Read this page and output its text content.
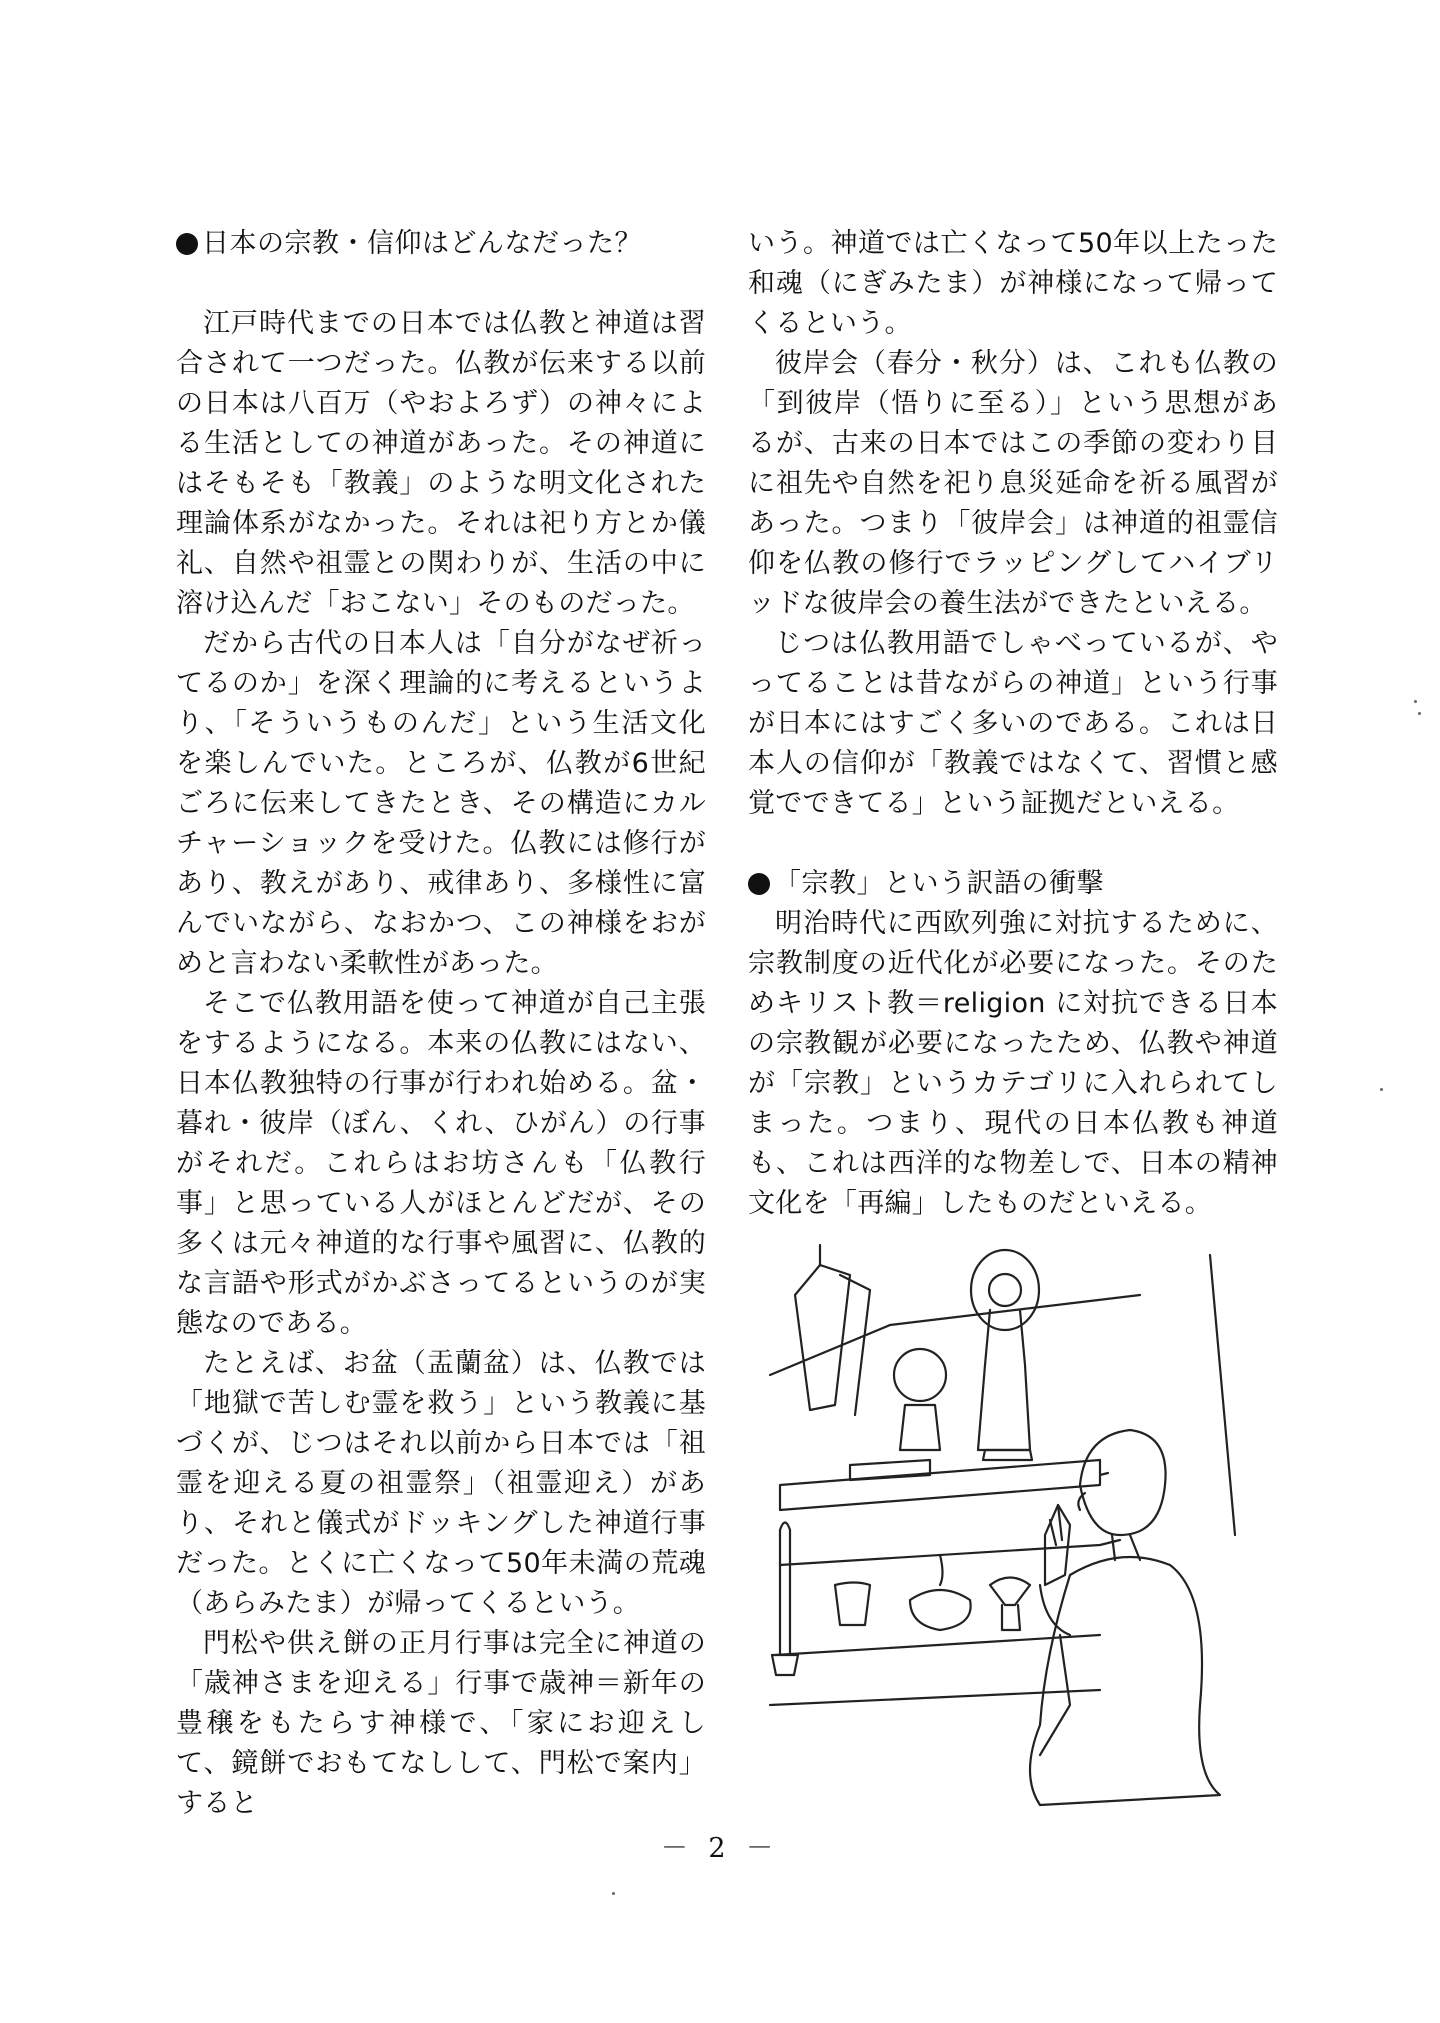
日本の宗教・信仰はどんなだった？

江戸時代までの日本では仏教と神道は習合されて一つだった。仏教が伝来する以前の日本は八百万（やおよろず）の神々による生活としての神道があった。その神道にはそもそも「教義」のような明文化された理論体系がなかった。それは祀り方とか儀礼、自然や祖霊との関わりが、生活の中に溶け込んだ「おこない」そのものだった。

だから古代の日本人は「自分がなぜ祈ってるのか」を深く理論的に考えるというより、「そういうものんだ」という生活文化を楽しんでいた。ところが、仏教が6世紀ごろに伝来してきたとき、その構造にカルチャーショックを受けた。仏教には修行があり、教えがあり、戒律あり、多様性に富んでいながら、なおかつ、この神様をおがめと言わない柔軟性があった。

そこで仏教用語を使って神道が自己主張をするようになる。本来の仏教にはない、日本仏教独特の行事が行われ始める。盆・暮れ・彼岸（ぼん、くれ、ひがん）の行事がそれだ。これらはお坊さんも「仏教行事」と思っている人がほとんどだが、その多くは元々神道的な行事や風習に、仏教的な言語や形式がかぶさってるというのが実態なのである。

たとえば、お盆（盂蘭盆）は、仏教では「地獄で苦しむ霊を救う」という教義に基づくが、じつはそれ以前から日本では「祖霊を迎える夏の祖霊祭」（祖霊迎え）があり、それと儀式がドッキングした神道行事だった。とくに亡くなって50年未満の荒魂（あらみたま）が帰ってくるという。

門松や供え餅の正月行事は完全に神道の「歳神さまを迎える」行事で歳神＝新年の豊穣をもたらす神様で、「家にお迎えして、鏡餅でおもてなしして、門松で案内」すると

いう。神道では亡くなって50年以上たった和魂（にぎみたま）が神様になって帰ってくるという。

彼岸会（春分・秋分）は、これも仏教の「到彼岸（悟りに至る）」という思想があるが、古来の日本ではこの季節の変わり目に祖先や自然を祀り息災延命を祈る風習があった。つまり「彼岸会」は神道的祖霊信仰を仏教の修行でラッピングしてハイブリッドな彼岸会の養生法ができたといえる。

じつは仏教用語でしゃべっているが、やってることは昔ながらの神道」という行事が日本にはすごく多いのである。これは日本人の信仰が「教義ではなくて、習慣と感覚でできてる」という証拠だといえる。

「宗教」という訳語の衝撃

明治時代に西欧列強に対抗するために、宗教制度の近代化が必要になった。そのためキリスト教＝religion に対抗できる日本の宗教観が必要になったため、仏教や神道が「宗教」というカテゴリに入れられてしまった。つまり、現代の日本仏教も神道も、これは西洋的な物差しで、日本の精神文化を「再編」したものだといえる。

－ 2 －
